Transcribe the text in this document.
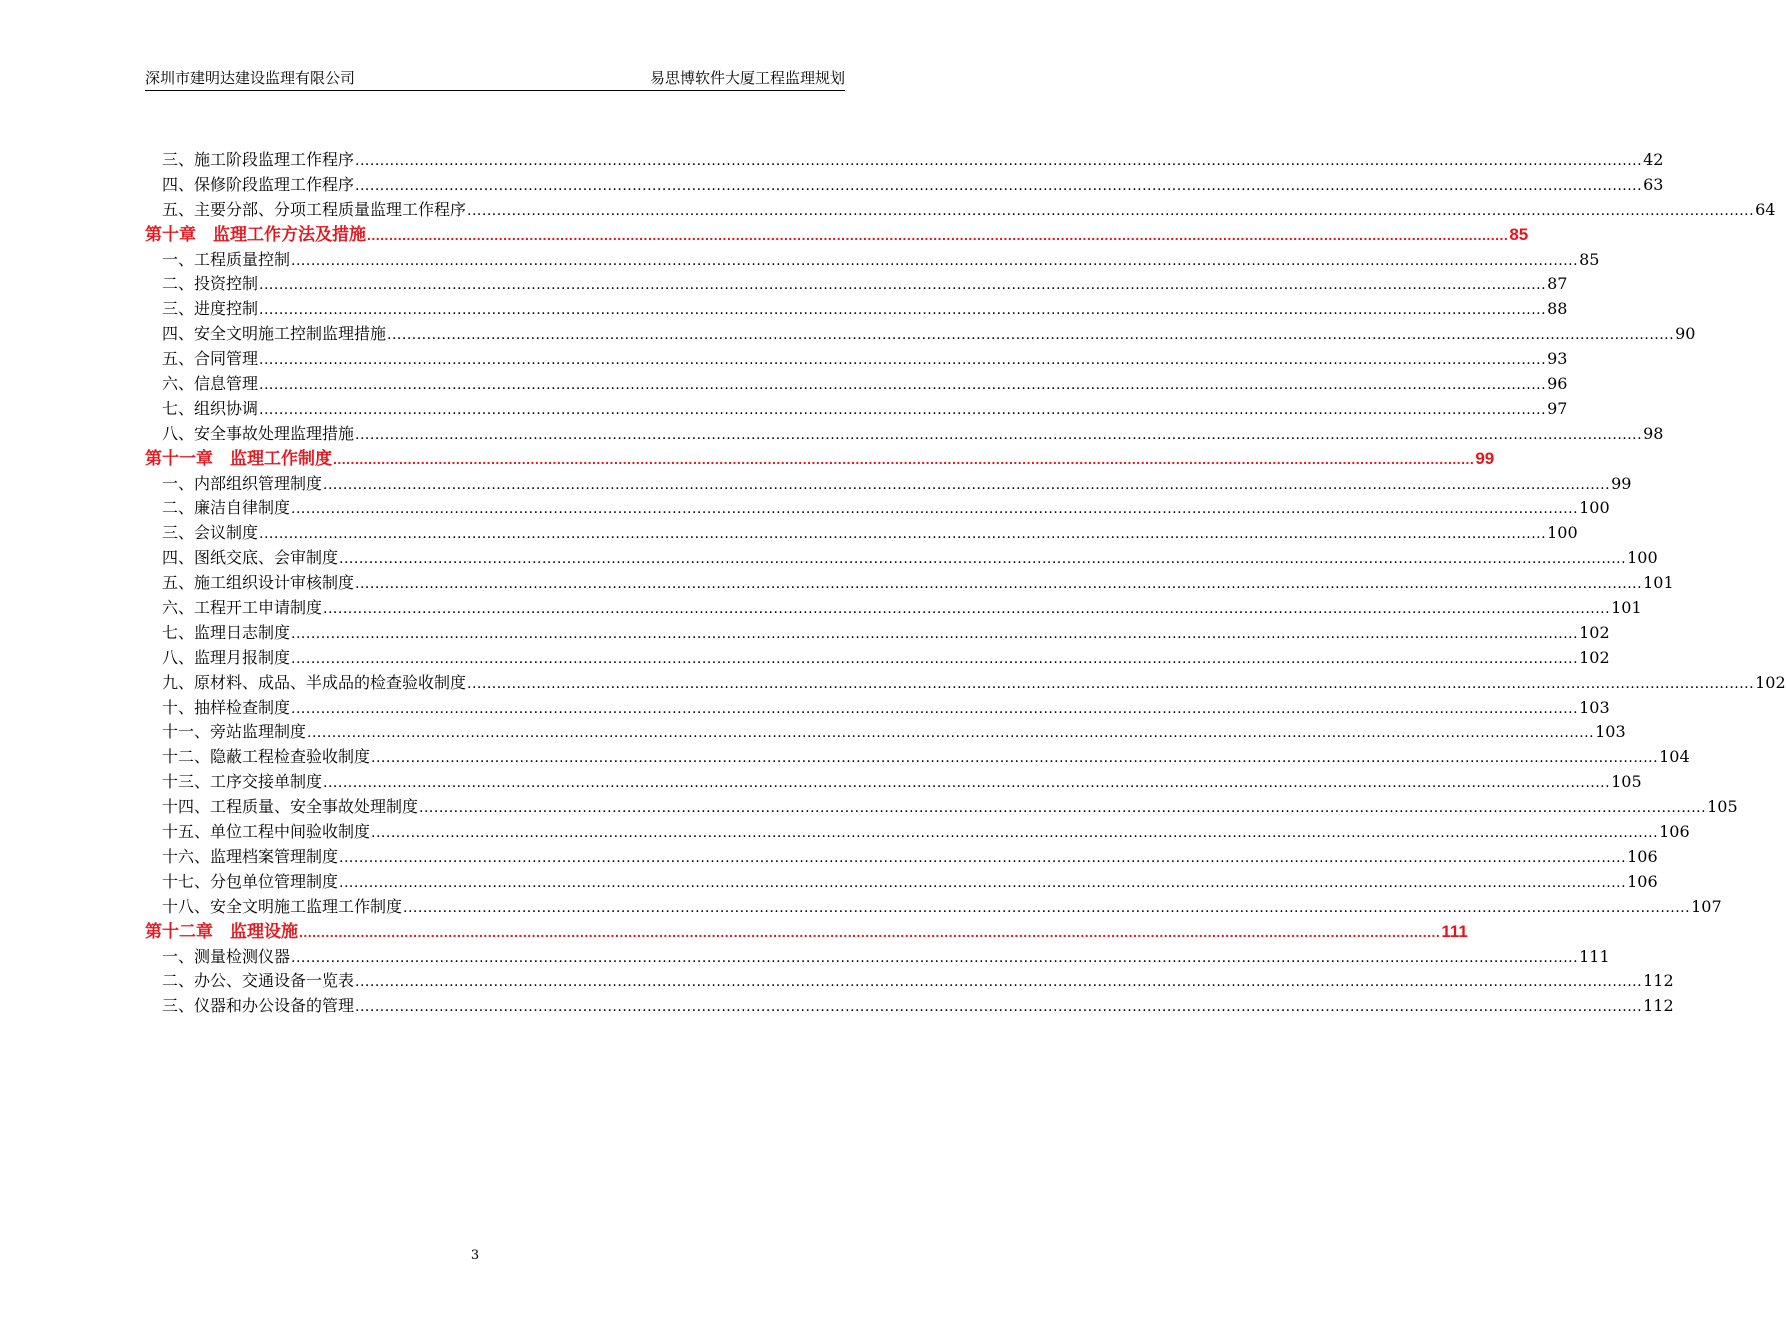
深圳市建明达建设监理有限公司	易思博软件大厦工程监理规划
三、施工阶段监理工作程序 .................................................................................................................................................................................................................................................................... 42
四、保修阶段监理工作程序 .................................................................................................................................................................................................................................................................... 63
五、主要分部、分项工程质量监理工作程序 .................................................................................................................................................................................................................................................................... 64
第十章　监理工作方法及措施 .................................................................................................................................................................................................................................................................... 85
一、工程质量控制 .................................................................................................................................................................................................................................................................... 85
二、投资控制 .................................................................................................................................................................................................................................................................... 87
三、进度控制 .................................................................................................................................................................................................................................................................... 88
四、安全文明施工控制监理措施 .................................................................................................................................................................................................................................................................... 90
五、合同管理 .................................................................................................................................................................................................................................................................... 93
六、信息管理 .................................................................................................................................................................................................................................................................... 96
七、组织协调 .................................................................................................................................................................................................................................................................... 97
八、安全事故处理监理措施 .................................................................................................................................................................................................................................................................... 98
第十一章　监理工作制度 .................................................................................................................................................................................................................................................................... 99
一、内部组织管理制度 .................................................................................................................................................................................................................................................................... 99
二、廉洁自律制度 .................................................................................................................................................................................................................................................................... 100
三、会议制度 .................................................................................................................................................................................................................................................................... 100
四、图纸交底、会审制度 .................................................................................................................................................................................................................................................................... 100
五、施工组织设计审核制度 .................................................................................................................................................................................................................................................................... 101
六、工程开工申请制度 .................................................................................................................................................................................................................................................................... 101
七、监理日志制度 .................................................................................................................................................................................................................................................................... 102
八、监理月报制度 .................................................................................................................................................................................................................................................................... 102
九、原材料、成品、半成品的检查验收制度 .................................................................................................................................................................................................................................................................... 102
十、抽样检查制度 .................................................................................................................................................................................................................................................................... 103
十一、旁站监理制度 .................................................................................................................................................................................................................................................................... 103
十二、隐蔽工程检查验收制度 .................................................................................................................................................................................................................................................................... 104
十三、工序交接单制度 .................................................................................................................................................................................................................................................................... 105
十四、工程质量、安全事故处理制度 .................................................................................................................................................................................................................................................................... 105
十五、单位工程中间验收制度 .................................................................................................................................................................................................................................................................... 106
十六、监理档案管理制度 .................................................................................................................................................................................................................................................................... 106
十七、分包单位管理制度 .................................................................................................................................................................................................................................................................... 106
十八、安全文明施工监理工作制度 .................................................................................................................................................................................................................................................................... 107
第十二章　监理设施 .................................................................................................................................................................................................................................................................... 111
一、测量检测仪器 .................................................................................................................................................................................................................................................................... 111
二、办公、交通设备一览表 .................................................................................................................................................................................................................................................................... 112
三、仪器和办公设备的管理 .................................................................................................................................................................................................................................................................... 112
3
